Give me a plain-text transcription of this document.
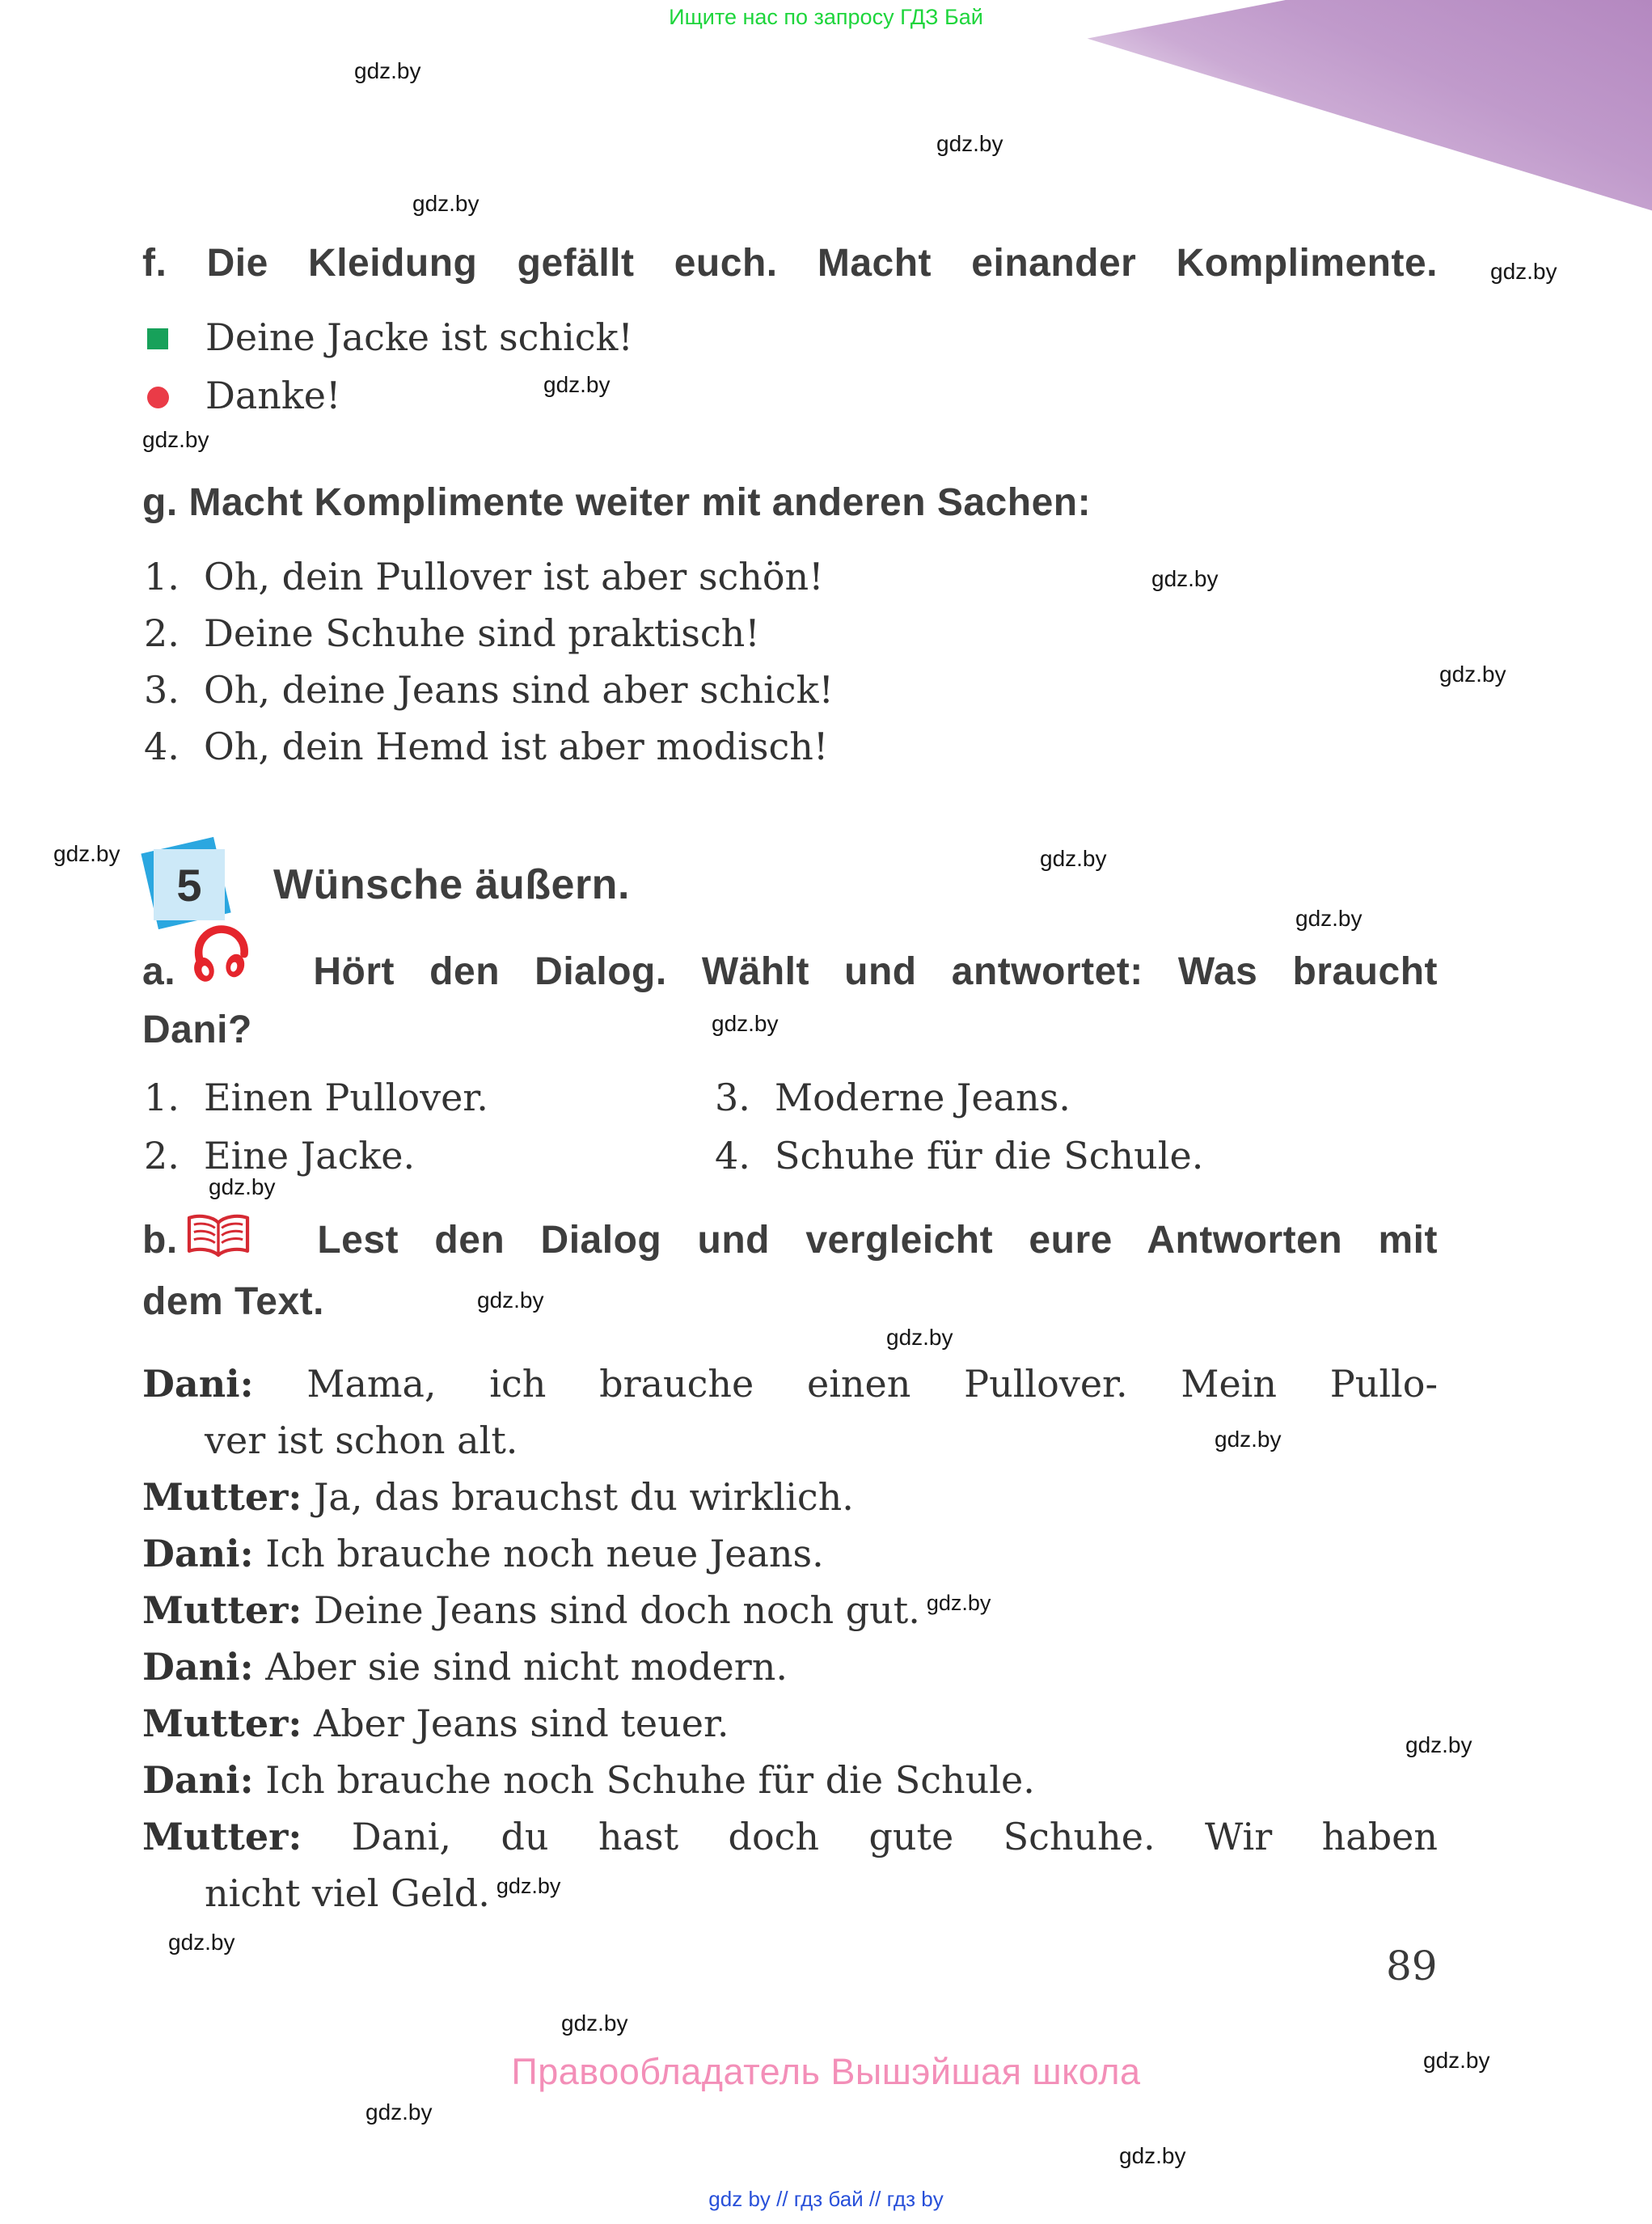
Ищите нас по запросу ГДЗ Бай
gdz.by
gdz.by
gdz.by
gdz.by
gdz.by
gdz.by
gdz.by
gdz.by
gdz.by	gdz.by
gdz.by
gdz.by
gdz.by
gdz.by
gdz.by
gdz.by
gdz.by
gdz.by
gdz.by
gdz.by
gdz.by
gdz.by
f. Die Kleidung gefällt euch. Macht einander Komplimente.
Deine Jacke ist schick!
Danke!
g. Macht Komplimente weiter mit anderen Sachen:
1. Oh, dein Pullover ist aber schön!
2. Deine Schuhe sind praktisch!
3. Oh, deine Jeans sind aber schick!
4. Oh, dein Hemd ist aber modisch!
5 Wünsche äußern.
a.	Hört den Dialog. Wählt und antwortet: Was braucht
Dani?
1. Einen Pullover.	3. Moderne Jeans.
2. Eine Jacke.	4. Schuhe für die Schule.
b.	Lest den Dialog und vergleicht eure Antworten mit
dem Text.
Dani: Mama, ich brauche einen Pullover. Mein Pullo-
ver ist schon alt.
Mutter: Ja, das brauchst du wirklich.
Dani: Ich brauche noch neue Jeans.
Mutter: Deine Jeans sind doch noch gut. $^{gdz.by}$
Dani: Aber sie sind nicht modern.
Mutter: Aber Jeans sind teuer.
Dani: Ich brauche noch Schuhe für die Schule.
Mutter: Dani, du hast doch gute Schuhe. Wir haben
nicht viel Geld. $^{gdz.by}$
89
Правообладатель Вышэйшая школа
gdz by // гдз бай // гдз by
